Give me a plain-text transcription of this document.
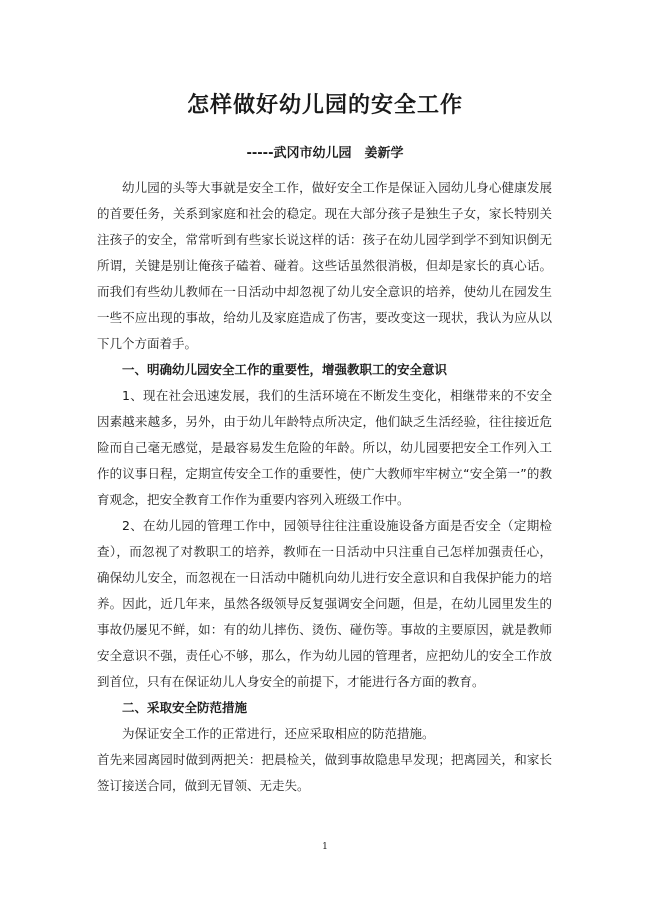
怎样做好幼儿园的安全工作
-----武冈市幼儿园　姜新学

幼儿园的头等大事就是安全工作，做好安全工作是保证入园幼儿身心健康发展的首要任务，关系到家庭和社会的稳定。现在大部分孩子是独生子女，家长特别关注孩子的安全，常常听到有些家长说这样的话：孩子在幼儿园学到学不到知识倒无所谓，关键是别让俺孩子磕着、碰着。这些话虽然很消极，但却是家长的真心话。而我们有些幼儿教师在一日活动中却忽视了幼儿安全意识的培养，使幼儿在园发生一些不应出现的事故，给幼儿及家庭造成了伤害，要改变这一现状，我认为应从以下几个方面着手。

一、明确幼儿园安全工作的重要性，增强教职工的安全意识

1、现在社会迅速发展，我们的生活环境在不断发生变化，相继带来的不安全因素越来越多，另外，由于幼儿年龄特点所决定，他们缺乏生活经验，往往接近危险而自己毫无感觉，是最容易发生危险的年龄。所以，幼儿园要把安全工作列入工作的议事日程，定期宣传安全工作的重要性，使广大教师牢牢树立“安全第一”的教育观念，把安全教育工作作为重要内容列入班级工作中。

2、在幼儿园的管理工作中，园领导往往注重设施设备方面是否安全（定期检查），而忽视了对教职工的培养，教师在一日活动中只注重自己怎样加强责任心，确保幼儿安全，而忽视在一日活动中随机向幼儿进行安全意识和自我保护能力的培养。因此，近几年来，虽然各级领导反复强调安全问题，但是，在幼儿园里发生的事故仍屡见不鲜，如：有的幼儿摔伤、烫伤、碰伤等。事故的主要原因，就是教师安全意识不强，责任心不够，那么，作为幼儿园的管理者，应把幼儿的安全工作放到首位，只有在保证幼儿人身安全的前提下，才能进行各方面的教育。

二、采取安全防范措施

为保证安全工作的正常进行，还应采取相应的防范措施。

首先来园离园时做到两把关：把晨检关，做到事故隐患早发现；把离园关，和家长签订接送合同，做到无冒领、无走失。

1
